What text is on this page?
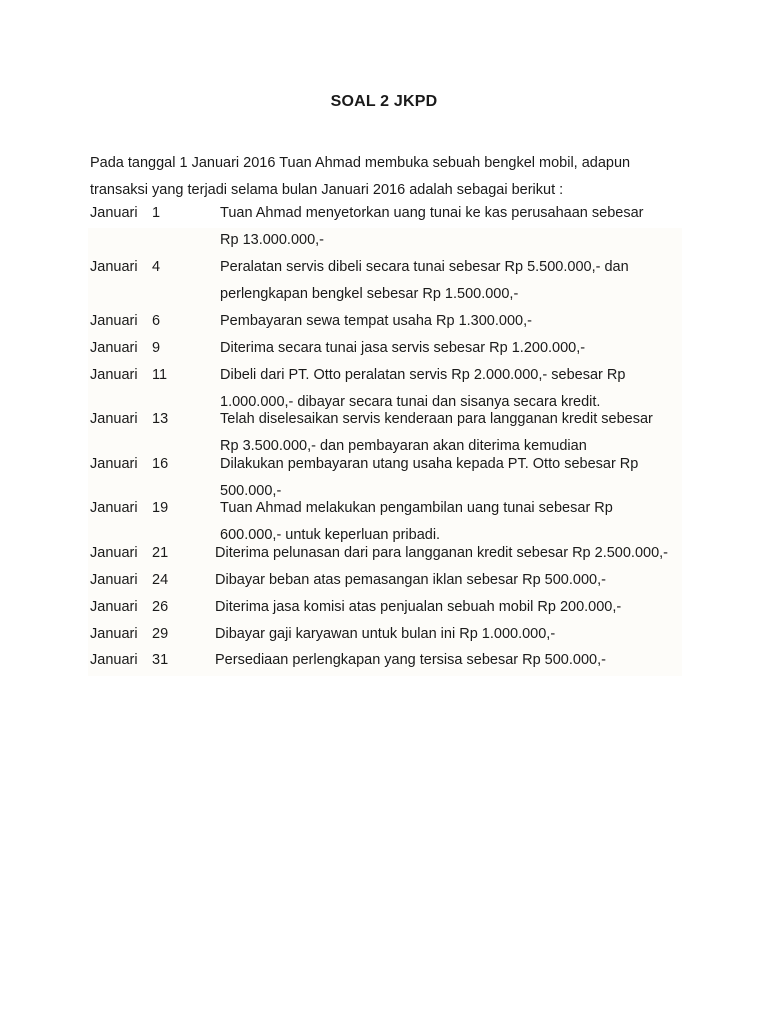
SOAL 2 JKPD
Pada tanggal 1 Januari 2016 Tuan Ahmad membuka sebuah bengkel mobil, adapun
transaksi yang terjadi selama bulan Januari 2016 adalah sebagai berikut :
Januari 1	Tuan Ahmad menyetorkan uang tunai ke kas perusahaan sebesar
Rp 13.000.000,-
Januari 4	Peralatan servis dibeli secara tunai sebesar Rp 5.500.000,- dan
perlengkapan bengkel sebesar Rp 1.500.000,-
Januari 6	Pembayaran sewa tempat usaha Rp 1.300.000,-
Januari 9	Diterima secara tunai jasa servis sebesar Rp 1.200.000,-
Januari 11	Dibeli dari PT. Otto peralatan servis Rp 2.000.000,- sebesar Rp
1.000.000,- dibayar secara tunai dan sisanya secara kredit.
Januari 13	Telah diselesaikan servis kenderaan para langganan kredit sebesar
Rp 3.500.000,- dan pembayaran akan diterima kemudian
Januari 16	Dilakukan pembayaran utang usaha kepada PT. Otto sebesar Rp
500.000,-
Januari 19	Tuan Ahmad melakukan pengambilan uang tunai sebesar Rp
600.000,- untuk keperluan pribadi.
Januari 21	Diterima pelunasan dari para langganan kredit sebesar Rp 2.500.000,-
Januari 24	Dibayar beban atas pemasangan iklan sebesar Rp 500.000,-
Januari 26	Diterima jasa komisi atas penjualan sebuah mobil Rp 200.000,-
Januari 29	Dibayar gaji karyawan untuk bulan ini Rp 1.000.000,-
Januari 31	Persediaan perlengkapan yang tersisa sebesar Rp 500.000,-
